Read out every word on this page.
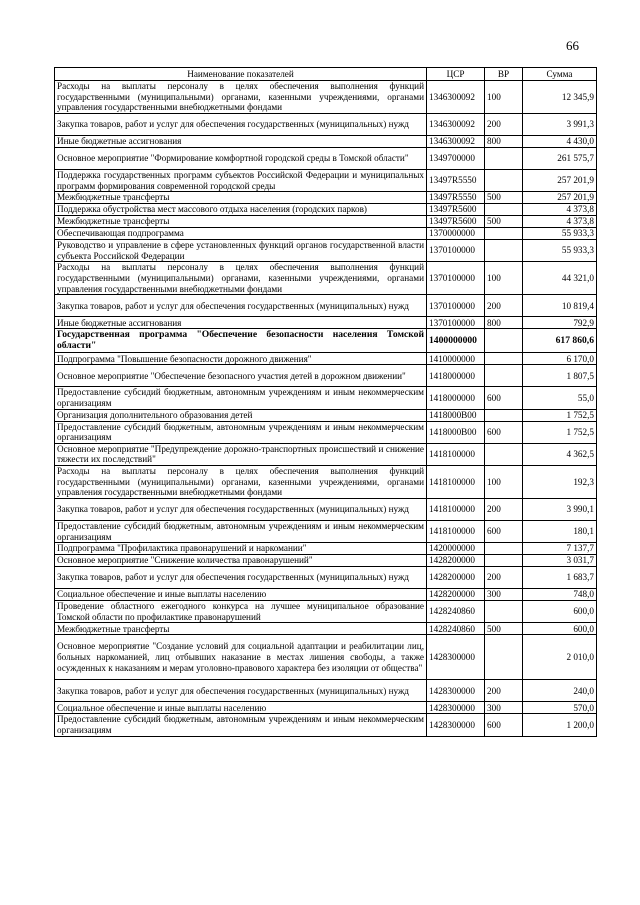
66
Наименование показателей	ЦСР	ВР	Сумма
Расходы на выплаты персоналу в целях обеспечения выполнения функций государственными (муниципальными) органами, казенными учреждениями, органами управления государственными внебюджетными фондами	1346300092	100	12 345,9
Закупка товаров, работ и услуг для обеспечения государственных (муниципальных) нужд	1346300092	200	3 991,3
Иные бюджетные ассигнования	1346300092	800	4 430,0
Основное мероприятие "Формирование комфортной городской среды в Томской области"	1349700000		261 575,7
Поддержка государственных программ субъектов Российской Федерации и муниципальных программ формирования современной городской среды	13497R5550		257 201,9
Межбюджетные трансферты	13497R5550	500	257 201,9
Поддержка обустройства мест массового отдыха населения (городских парков)	13497R5600		4 373,8
Межбюджетные трансферты	13497R5600	500	4 373,8
Обеспечивающая подпрограмма	1370000000		55 933,3
Руководство и управление в сфере установленных функций органов государственной власти субъекта Российской Федерации	1370100000		55 933,3
Расходы на выплаты персоналу в целях обеспечения выполнения функций государственными (муниципальными) органами, казенными учреждениями, органами управления государственными внебюджетными фондами	1370100000	100	44 321,0
Закупка товаров, работ и услуг для обеспечения государственных (муниципальных) нужд	1370100000	200	10 819,4
Иные бюджетные ассигнования	1370100000	800	792,9
Государственная программа "Обеспечение безопасности населения Томской области"	1400000000		617 860,6
Подпрограмма "Повышение безопасности дорожного движения"	1410000000		6 170,0
Основное мероприятие "Обеспечение безопасного участия детей в дорожном движении"	1418000000		1 807,5
Предоставление субсидий бюджетным, автономным учреждениям и иным некоммерческим организациям	1418000000	600	55,0
Организация дополнительного образования детей	1418000B00		1 752,5
Предоставление субсидий бюджетным, автономным учреждениям и иным некоммерческим организациям	1418000B00	600	1 752,5
Основное мероприятие "Предупреждение дорожно-транспортных происшествий и снижение тяжести их последствий"	1418100000		4 362,5
Расходы на выплаты персоналу в целях обеспечения выполнения функций государственными (муниципальными) органами, казенными учреждениями, органами управления государственными внебюджетными фондами	1418100000	100	192,3
Закупка товаров, работ и услуг для обеспечения государственных (муниципальных) нужд	1418100000	200	3 990,1
Предоставление субсидий бюджетным, автономным учреждениям и иным некоммерческим организациям	1418100000	600	180,1
Подпрограмма "Профилактика правонарушений и наркомании"	1420000000		7 137,7
Основное мероприятие "Снижение количества правонарушений"	1428200000		3 031,7
Закупка товаров, работ и услуг для обеспечения государственных (муниципальных) нужд	1428200000	200	1 683,7
Социальное обеспечение и иные выплаты населению	1428200000	300	748,0
Проведение областного ежегодного конкурса на лучшее муниципальное образование Томской области по профилактике правонарушений	1428240860		600,0
Межбюджетные трансферты	1428240860	500	600,0
Основное мероприятие "Создание условий для социальной адаптации и реабилитации лиц, больных наркоманией, лиц отбывших наказание в местах лишения свободы, а также осужденных к наказаниям и мерам уголовно-правового характера без изоляции от общества"	1428300000		2 010,0
Закупка товаров, работ и услуг для обеспечения государственных (муниципальных) нужд	1428300000	200	240,0
Социальное обеспечение и иные выплаты населению	1428300000	300	570,0
Предоставление субсидий бюджетным, автономным учреждениям и иным некоммерческим организациям	1428300000	600	1 200,0
